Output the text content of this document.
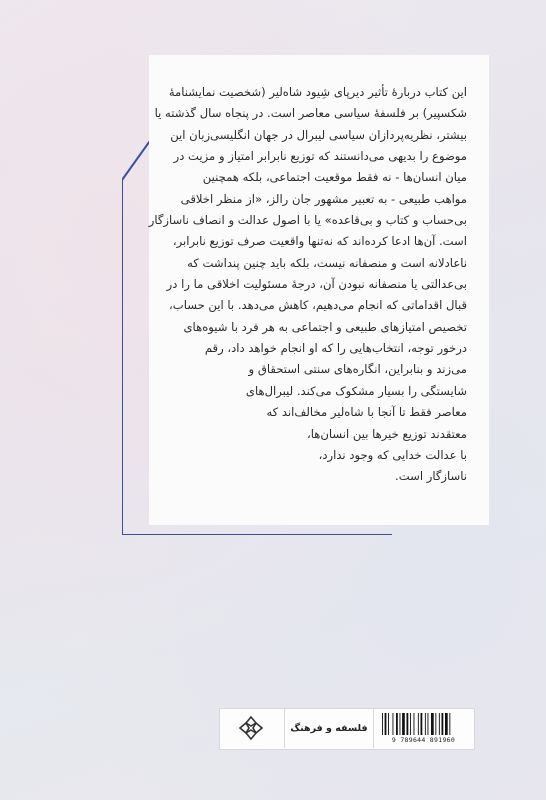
این کتاب دربارهٔ تأثیر دیرپای شِیود شاه‌لیر (شخصیت نمایشنامهٔ
شکسپیر) بر فلسفهٔ سیاسی معاصر است. در پنجاه سال گذشته یا
بیشتر، نظریه‌پردازان سیاسی لیبرال در جهان انگلیسی‌زبان این
موضوع را بدیهی می‌دانستند که توزیع نابرابر امتیاز و مزیت در
میان انسان‌ها - نه فقط موقعیت اجتماعی، بلکه همچنین
مواهب طبیعی - به تعبیر مشهور جان رالز، «از منظر اخلاقی
بی‌حساب و کتاب و بی‌قاعده» یا با اصول عدالت و انصاف ناسازگار
است. آن‌ها ادعا کرده‌اند که نه‌تنها واقعیت صرف توزیع نابرابر،
ناعادلانه است و منصفانه نیست، بلکه باید چنین پنداشت که
بی‌عدالتی یا منصفانه نبودن آن، درجهٔ مسئولیت اخلاقی ما را در
قبال اقداماتی که انجام می‌دهیم، کاهش می‌دهد. با این حساب،
تخصیص امتیازهای طبیعی و اجتماعی به هر فرد با شیوه‌های
درخور توجه، انتخاب‌هایی را که او انجام خواهد داد، رقم
می‌زند و بنابراین، انگاره‌های سنتی استحقاق و
شایستگی را بسیار مشکوک می‌کند. لیبرال‌های
معاصر فقط تا آنجا با شاه‌لیر مخالف‌اند که
معتقدند توزیع خیرها بین انسان‌ها،
با عدالت خدایی که وجود ندارد،
ناسازگار است.
فلسفه و فرهنگ
9 789644 891960
